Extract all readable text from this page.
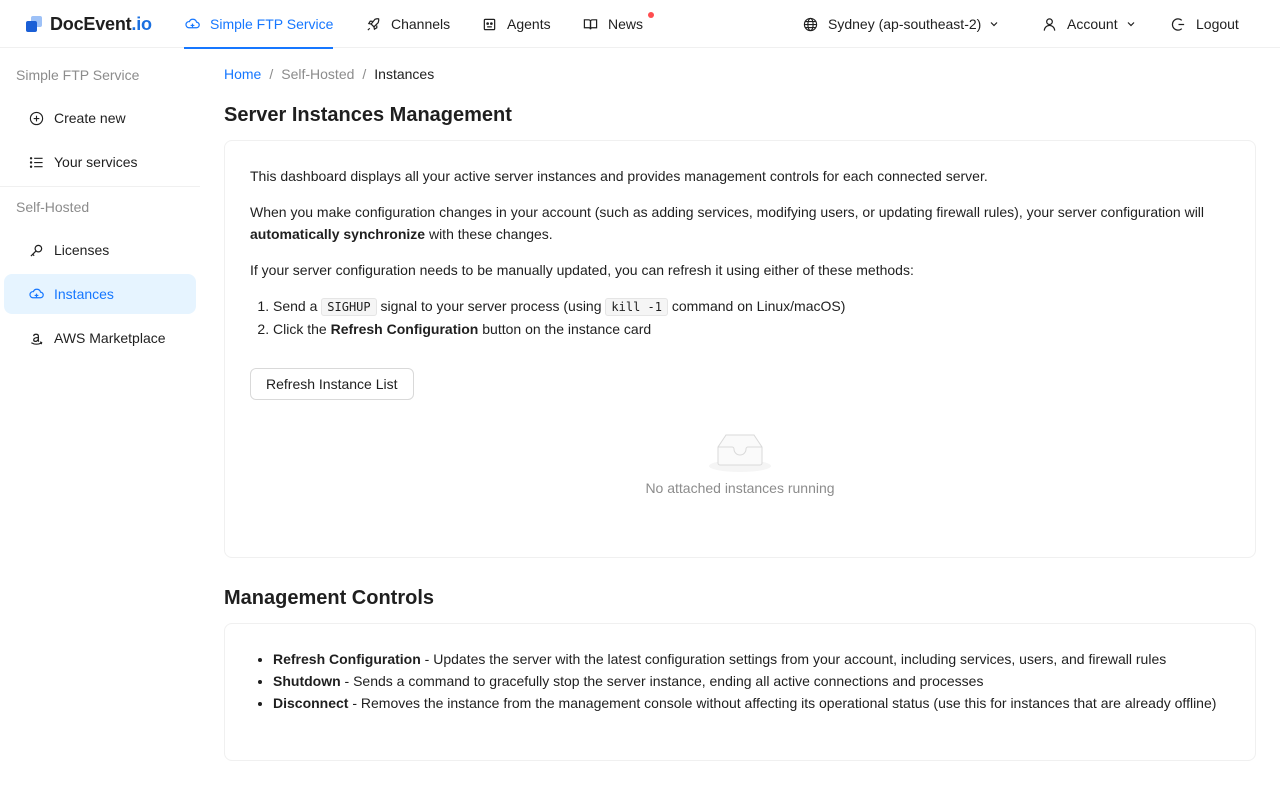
DocEvent.io	Simple FTP Service	Channels	Agents	News	Sydney (ap-southeast-2)	Account	Logout
Simple FTP Service
Create new
Your services
Self-Hosted
Licenses
Instances
AWS Marketplace
Home / Self-Hosted / Instances
Server Instances Management
This dashboard displays all your active server instances and provides management controls for each connected server.
When you make configuration changes in your account (such as adding services, modifying users, or updating firewall rules), your server configuration will automatically synchronize with these changes.
If your server configuration needs to be manually updated, you can refresh it using either of these methods:
1. Send a SIGHUP signal to your server process (using kill -1 command on Linux/macOS)
2. Click the Refresh Configuration button on the instance card
Refresh Instance List
No attached instances running
Management Controls
• Refresh Configuration - Updates the server with the latest configuration settings from your account, including services, users, and firewall rules
• Shutdown - Sends a command to gracefully stop the server instance, ending all active connections and processes
• Disconnect - Removes the instance from the management console without affecting its operational status (use this for instances that are already offline)
